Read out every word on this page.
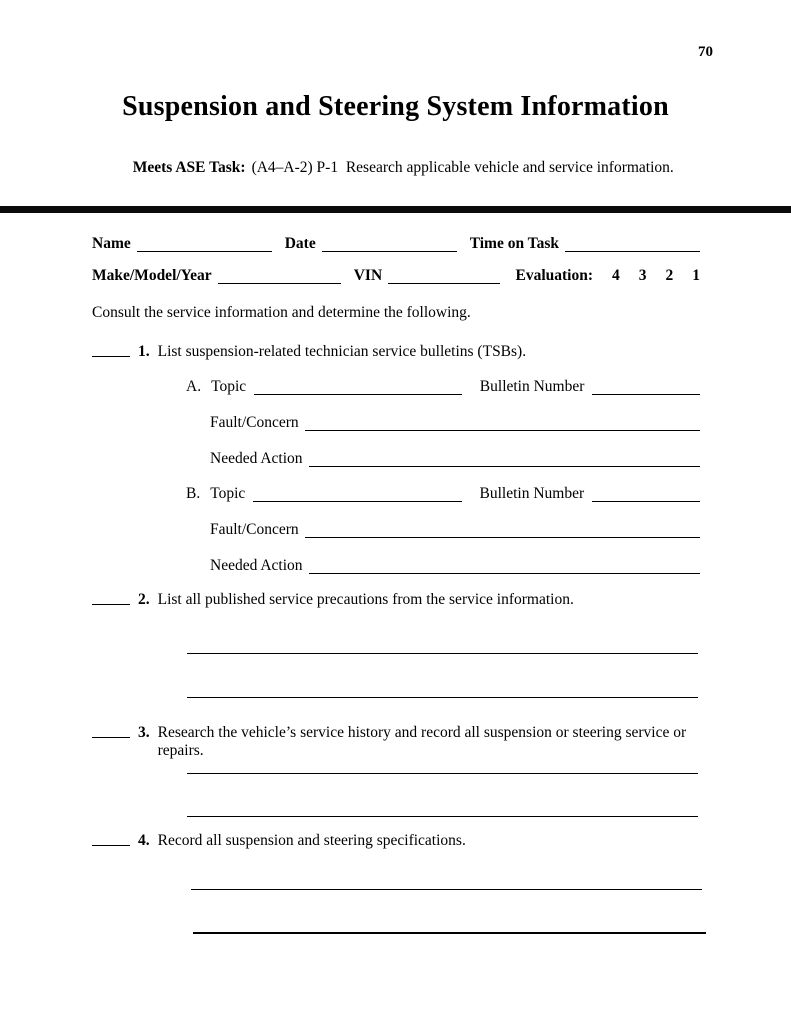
70
Suspension and Steering System Information

Meets ASE Task: (A4–A-2) P-1  Research applicable vehicle and service information.

Name	Date	Time on Task
Make/Model/Year	VIN	Evaluation: 4 3 2 1
Consult the service information and determine the following.
1. List suspension-related technician service bulletins (TSBs).
A. Topic	Bulletin Number
Fault/Concern
Needed Action
B. Topic	Bulletin Number
Fault/Concern
Needed Action
2. List all published service precautions from the service information.
3. Research the vehicle’s service history and record all suspension or steering service or repairs.
4. Record all suspension and steering specifications.
